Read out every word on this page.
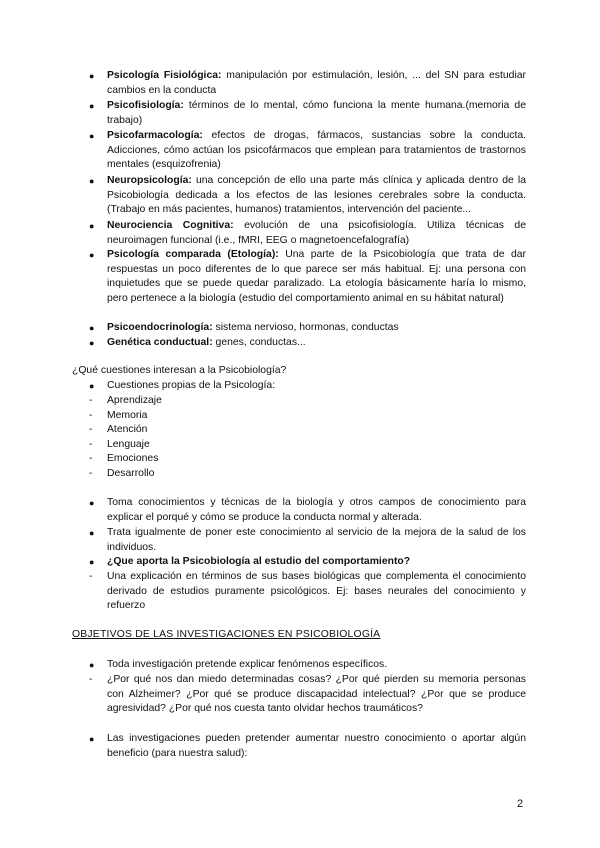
● Psicología Fisiológica: manipulación por estimulación, lesión, ... del SN para estudiar cambios en la conducta
● Psicofisiología: términos de lo mental, cómo funciona la mente humana.(memoria de trabajo)
● Psicofarmacología: efectos de drogas, fármacos, sustancias sobre la conducta. Adicciones, cómo actúan los psicofármacos que emplean para tratamientos de trastornos mentales (esquizofrenia)
● Neuropsicología: una concepción de ello una parte más clínica y aplicada dentro de la Psicobiología dedicada a los efectos de las lesiones cerebrales sobre la conducta. (Trabajo en más pacientes, humanos) tratamientos, intervención del paciente...
● Neurociencia Cognitiva: evolución de una psicofisiología. Utiliza técnicas de neuroimagen funcional (i.e., fMRI, EEG o magnetoencefalografía)
● Psicología comparada (Etología): Una parte de la Psicobiología que trata de dar respuestas un poco diferentes de lo que parece ser más habitual. Ej: una persona con inquietudes que se puede quedar paralizado. La etología básicamente haría lo mismo, pero pertenece a la biología (estudio del comportamiento animal en su hábitat natural)
● Psicoendocrinología: sistema nervioso, hormonas, conductas
● Genética conductual: genes, conductas...
¿Qué cuestiones interesan a la Psicobiología?
● Cuestiones propias de la Psicología:
- Aprendizaje
- Memoria
- Atención
- Lenguaje
- Emociones
- Desarrollo
● Toma conocimientos y técnicas de la biología y otros campos de conocimiento para explicar el porqué y cómo se produce la conducta normal y alterada.
● Trata igualmente de poner este conocimiento al servicio de la mejora de la salud de los individuos.
● ¿Que aporta la Psicobiología al estudio del comportamiento?
- Una explicación en términos de sus bases biológicas que complementa el conocimiento derivado de estudios puramente psicológicos. Ej: bases neurales del conocimiento y refuerzo
OBJETIVOS DE LAS INVESTIGACIONES EN PSICOBIOLOGÍA
● Toda investigación pretende explicar fenómenos específicos.
- ¿Por qué nos dan miedo determinadas cosas? ¿Por qué pierden su memoria personas con Alzheimer? ¿Por qué se produce discapacidad intelectual? ¿Por que se produce agresividad? ¿Por qué nos cuesta tanto olvidar hechos traumáticos?
● Las investigaciones pueden pretender aumentar nuestro conocimiento o aportar algún beneficio (para nuestra salud):
2
